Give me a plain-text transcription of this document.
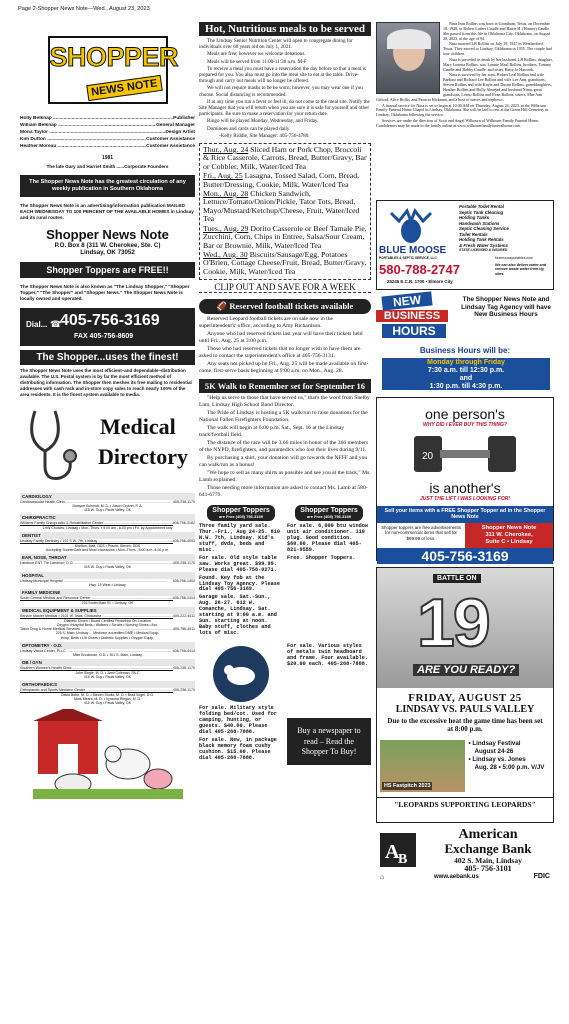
Page 2-Shopper News Note—Wed., August 23, 2023
SHOPPER
NEWS NOTE
Holly Belknap .....	Publisher
William Belknap .....	General Manager
Mona Taylor .....	Design Artist
Kim Dutton .....	Customer Assistance
Heather Moreau .....	Customer Assistance
1981
The late Gary and Harriet Smith ......Corporate Founders
The Shopper News Note has the greatest circulation of any weekly publication in Southern Oklahoma
The Shopper News Note is an advertising/information publication MAILED EACH WEDNESDAY TO 100 PERCENT OF THE AVAILABLE HOMES in Lindsay and its rural routes.
Shopper News Note
P.O. Box 8 (311 W. Cherokee, Ste. C)
Lindsay, OK 73052
Shopper Toppers are FREE!!
The Shopper News Note is also known as "The Lindsay Shopper," "Shopper Topper," "The Shopper" and "Shopper News." The Shopper News Note is locally owned and operated.
Dial... 405-756-3169
FAX 405-756-8609
☎
The Shopper...uses the finest!
The Shopper News Note uses the most efficient–and dependable–distribution available. The U.S. Postal system is by far the most efficient method of distributing information. The Shopper then meshes its free mailing to residential addresses with cash rack and in-store copy sales to reach nearly 100% of the area residents. It is the finest system available to media.
Medical
Directory
CARDIOLOGY
Cardiovascular Health Clinic .....	405-238-1170
Dwayne Schmidt, M. D. • Jason Crytzer, P. A.
415 W. Guy • Pauls Valley, OK
CHIROPRACTIC
Williams Family Chiropractic & Rehabilitation Center .....	405-756-3182
1HW Choices, Lindsay • Mon.-Thurs. • 9:00 am - 6:00 pm • Fri. by Appointment only
DENTIST
Lindsay Family Dentistry • 102 S.W. 7th, Lindsay .....	405-756-4093
Shelton, Matt, DDS • Pracht, Steven, DDS
Accepting SoonerCare and Most Insurances • Mon.-Thurs., 8:00 a.m.-5:00 p.m.
EAR, NOSE, THROAT
Landrum ENT, Tre Landrum, D.O .....	405-238-1170
415 W. Guy • Pauls Valley, OK
HOSPITAL
Lindsay Municipal Hospital .....	405-756-1404
Hwy. 19 West • Lindsay
FAMILY MEDICINE
South Central Medical and Resource Center .....	405-756-1414
216 South Main St. • Lindsay, OK
MEDICAL EQUIPMENT & SUPPLIES
Service Master Medical • 2101 W. Iowa, Chickasha .....	405-222-4411
Diabetic Shoes • Board Certified Pedorthist On Location
Oxygen •Hospital Beds • Walkers • Scrubs • Nursing Shoes • Acc.
Tabor Drug & Home Medical Services .....	405-756-4511
225 S. Main, Lindsay ... Medicine accredited DME • Medical Equip.
Hosp. Beds • Lift Chairs • Diabetic Supplies • Oxygen Equip.
OPTOMETRY - O.D.
Lindsay Vision Center, PLLC .....	405-756-4414
Mike Brockman, O.D. • 301 S. Main, Lindsay
OB / GYN
Southern Women's Health Clinic .....	405-238-1170
John Siegle, M. D. • Jami Coleman, PA-C
415 W. Guy • Pauls Valley, OK
ORTHOPAEDICS
Orthopaedic and Sports Medicine Center .....	405-238-1170
David Bobb, M. D. • Steven Shultz, M. D. • Brad Vogel, D.O.
Mark Mears, M. D. • Vyranna Ringus, M. D.
415 W. Guy • Pauls Valley, OK
Hot, Nutritious meals to be served

The Lindsay Senior Nutrition Center will open to congregate dining for individuals over 60 years old on July 1, 2021.

Meals are free; however we welcome donations.

Meals will be served from 11:00-11:30 a.m. M-F

To receive a meal you must have a reservation the day before so that a meal is prepared for you. You also must go into the meal site to eat at the table. Drive-through and carry out meals will no longer be offered.

We will not require masks to be be worn; however, you may wear one if you choose. Social distancing is recommended.

If at any time you run a fever or feel ill, do not come to the meal site. Notify the Site Manager that you will return when you are sure it is safe for yourself and other participants. Be sure to make a reservation for your return date.

Bingo will be played Monday, Wednesday, and Friday.

Dominoes and cards can be played daily.

-Kelly Riddle, Site Manager: 405-756-4780.

Thur., Aug. 24 Sliced Ham or Pork Chop, Broccoli & Rice Casserole, Carrots, Bread, Butter/Gravy, Bar or Cobbler, Milk, Water/Iced Tea

Fri., Aug. 25 Lasagna, Tossed Salad, Corn, Bread, Butter/Dressing, Cookie, Milk, Water/Iced Tea

Mon., Aug. 28 Chicken Sandwich, Lettuce/Tomato/Onion/Pickle, Tator Tots, Bread, Mayo/Mustard/Ketchup/Cheese, Fruit, Water/Iced Tea

Tues., Aug. 29 Dorito Casserole or Beef Tamale Pie, Zucchini, Corn, Chips in Entree, Salsa/Sour Cream, Bar or Brownie, Milk, Water/Iced Tea

Wed., Aug. 30 Biscuits/Sausage/Egg, Potatoes O'Brien, Cottage Cheese/Fruit, Bread, Butter/Gravy, Cookie, Milk, Water/Iced Tea

CLIP OUT AND SAVE FOR A WEEK
🏈 Reserved football tickets available

Reserved Leopard football tickets are on sale now in the superintendent's' office, according to Amy Richardson.

Anyone who had reserved tickets last year will have their tickets held until Fri., Aug. 25 at 3:00 p.m.

Those who had reserved tickets that no longer wish to have them are asked to contact the superintendent's office at 405-756-3131.

Any seats not picked up be Fri., Aug. 25 will be made available on first-come, first-serve basis beginning at 9:00 a.m. on Mon., Aug. 28.

5K Walk to Remember set for September 16

"Help us serve to those that have served us," that's the word from Shelby Lam, Lindsay High School Band Director.

The Pride of Lindsay is hosting a 5K walk/run to raise donations for the National Fallen Firefighters Foundation.

The walk will begin at 6:00 p.m. Sat., Sept. 16 at the Lindsay track/football field.

The distance of the race will be 3.66 miles in honor of the 366 members of the NYPD, firefighters, and paramedics who lost their lives during 9/11.

By purchasing a shirt, your donation will go towards the NFFF and you can walk/run as a bonus!

"We hope to sell as many shirts as possible and see you at the track," Ms. Lamb explained.

Those needing more information are asked to contact Ms. Lamb at 580-641-6779.

Shopper Toppers
are Free (405) 756-3169

Three family yard sale. Thur.-Fri., Aug 24-25. 810 N.W. 7th, Lindsay. Kid's stuff, dvds, beds and misc.

For sale. Old style table saw. Works great. $99.99. Please dial 405-756-0271.

Found. Key fob at the Lindsay Toy Agency. Please dial 405-756-3169.

Garage sale. Sat.-Sun., Aug. 26-27. 612 W. Comanche, Lindsay. Sat. starting at 9:00 a.m. and Sun. starting at noon. Baby stuff, clothes and lots of misc.

Shopper Toppers
are Free (405) 756-3169

For sale. 6,000 btu window unit air conditioner. 110 plug. Good condition. $60.00. Please dial 405-821-9559.

Free. Shopper Toppers.

For sale. Various styles of metals twin headboard and frame. Four available. $20.00 each. 405-268-7888.

For sale. Military style folding bed/cot. Used for camping, hunting, or guests. $40.00. Please dial 405-268-7888.

For sale. New, in package black memory foam cushy cushion. $15.00. Please dial 405-268-7888.

Buy a newspaper to read – Read the Shopper To Buy!

Nina Jean Rollins was born in Grantham, Texas, on December 10, 1928, to Robert Luther Caudle and Hattie H. (Hosner) Caudle. She passed from this life in Oklahoma City, Oklahoma, on August 20, 2023, at the age of 94.

Nina married LB Rollins on July 19, 1947 in Weatherford, Texas. They moved to Lindsay, Oklahoma in 1955. The couple had four children.

Nina is preceded in death by her husband, LB Rollins, daughter, Mary Louetta Rollins, son, Lonnie Maxl Rollins, brothers, Tommy Caudle and Bobby Caudle, and sister, Betty Jo Haworth.

Nina is survived by her sons, Robert Leal Rollins and wife Barbara and Richard Lee Rollins and wife Lee Ann, grandsons, Steven Rollins and wife Kayla and Dustin Rollins, granddaughters, Heather Rollins and Holly Almejad and husband Nima, great grandsons, Leeno Rollins and Evan Rollins, sisters, Mae Ann Gifford, Alice Hollis, and Patricia Hickman, and a host of nieces and nephews.

A funeral service for Nina is set to begin at 10:00 AM on Thursday, August 24, 2023, at the Wilbourn Family Funeral Home Chapel in Lindsay, Oklahoma. She will be laid to rest at the Green Hill Cemetery in Lindsay, Oklahoma following the service.

Services are under the direction of Scott and Angel Wilbourn of Wilbourn Family Funeral Home. Condolences may be made to the family online at www.wilbournfamilyfuneralhome.com

BLUE MOOSE
PORTABLES & SEPTIC SERVICE, LLC
Portable Toilet Rental
Septic Tank Cleaning
Holding Tanks
Handwash Stations
Septic Cleaning Service
Toilet Rentals
Holding Tank Rentals
& Fresh Water Systems
STATE LICENSED & INSURED
bluemooseportables.com
580-788-2747
25245 E.C.R. 1700 • Elmore City
We can also deliver water and remove waste water from rig sites.
NEW
BUSINESS
HOURS
The Shopper News Note and Lindsay Tag Agency will have New Business Hours
Business Hours will be:
Monday through Friday
7:30 a.m. till 12:30 p.m.
and
1:30 p.m. till 4:30 p.m.
one person's
WHY DID I EVER BUY THIS THING?
20
is another's
JUST THE LIFT I WAS LOOKING FOR!
Sell your items with a FREE Shopper Topper ad in the Shopper News Note
Shopper toppers are free advertisements for non-commercial items that sell for $99.99 or less.
Shopper News Note
311 W. Cherokee,
Suite C • Lindsay
405-756-3169
BATTLE ON
19
ARE YOU READY?
FRIDAY, AUGUST 25
LINDSAY VS. PAULS VALLEY
Due to the excessive heat the game time has been set at 8:00 p.m.
HS Fastpitch 2023
• Lindsay Festival
August 24-26
• Lindsay vs. Jones
Aug. 28 • 5:00 p.m. V/JV
"LEOPARDS SUPPORTING LEOPARDS"
A
B
American
Exchange Bank
402 S. Main, Lindsay
405- 756-3101
www.aebank.us	FDIC
⌂
